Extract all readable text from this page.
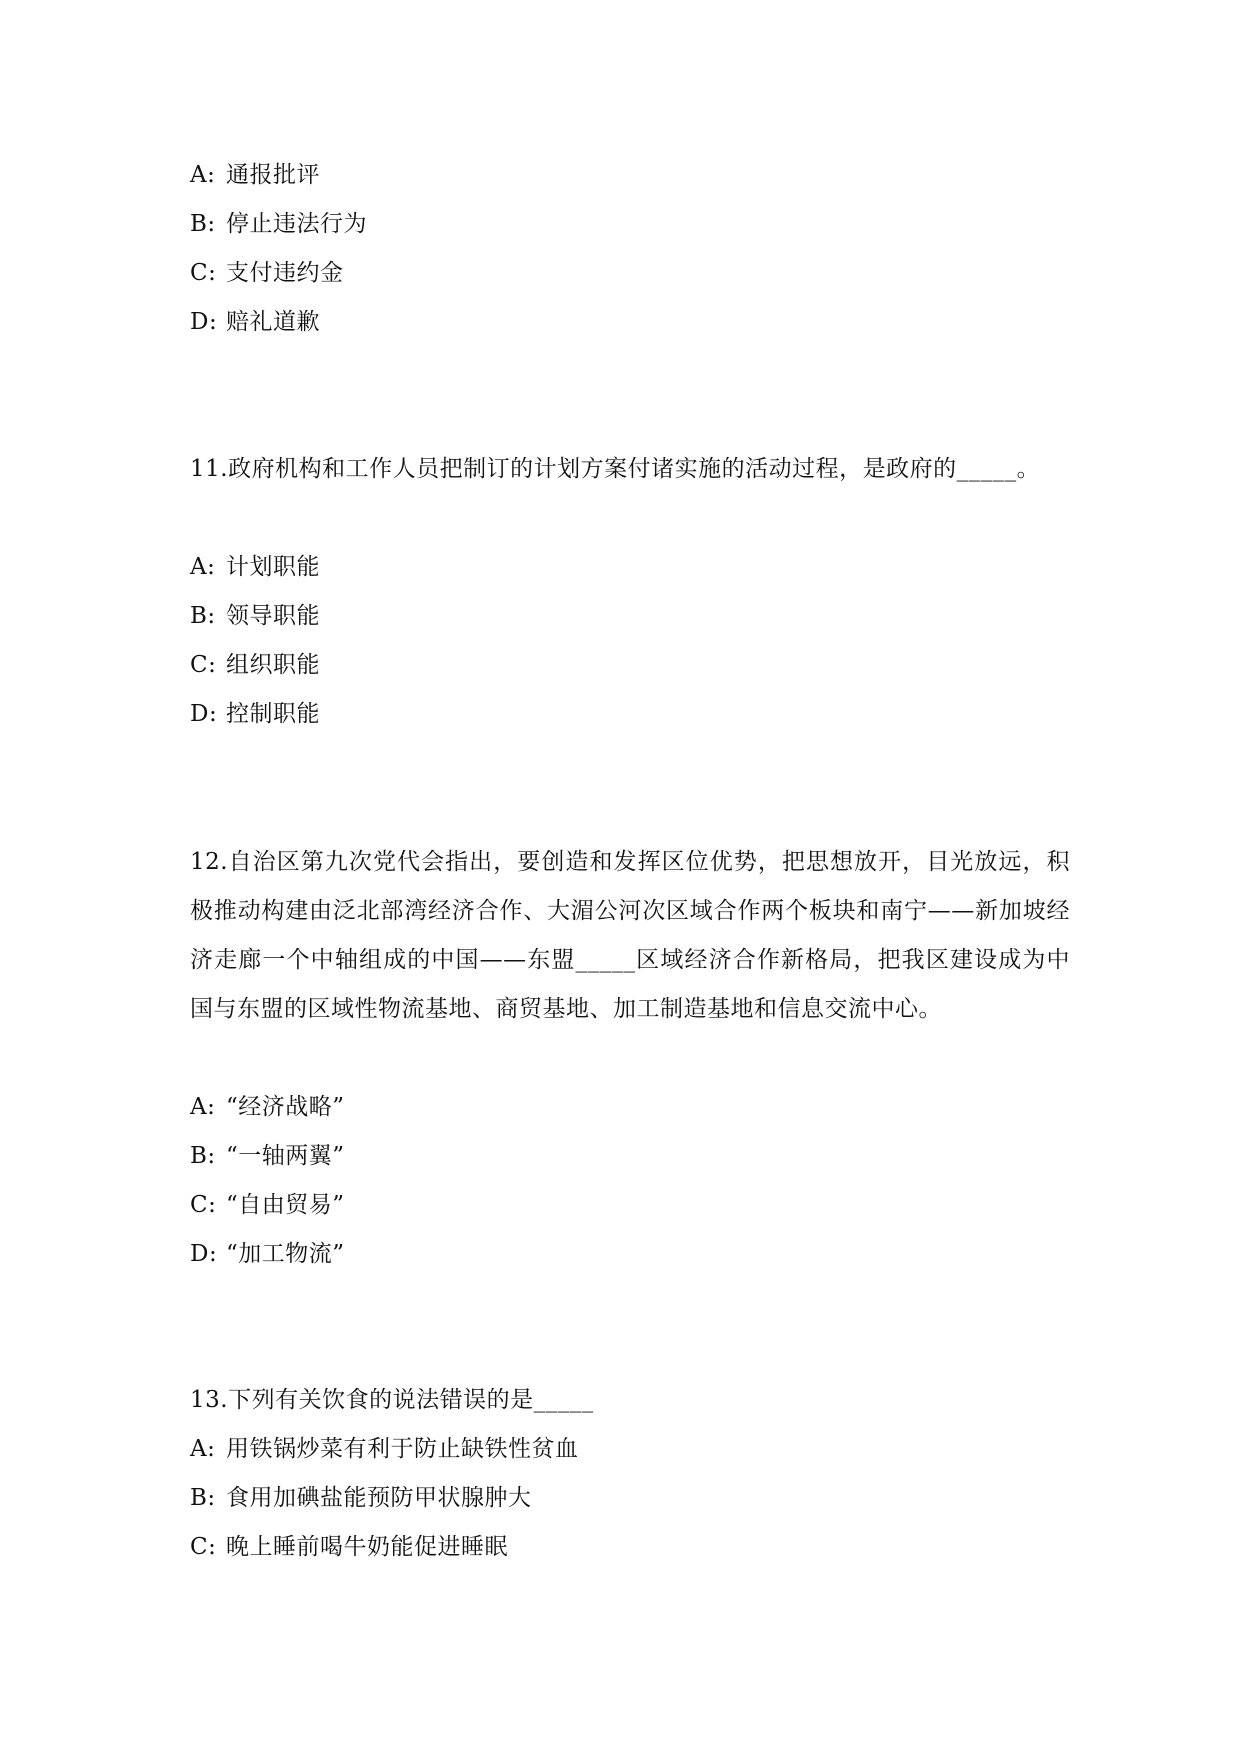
A: 通报批评
B: 停止违法行为
C: 支付违约金
D: 赔礼道歉
11.政府机构和工作人员把制订的计划方案付诸实施的活动过程，是政府的_____。
A: 计划职能
B: 领导职能
C: 组织职能
D: 控制职能
12.自治区第九次党代会指出，要创造和发挥区位优势，把思想放开，目光放远，积极推动构建由泛北部湾经济合作、大湄公河次区域合作两个板块和南宁——新加坡经济走廊一个中轴组成的中国——东盟_____区域经济合作新格局，把我区建设成为中国与东盟的区域性物流基地、商贸基地、加工制造基地和信息交流中心。
A: “经济战略”
B: “一轴两翼”
C: “自由贸易”
D: “加工物流”
13.下列有关饮食的说法错误的是_____
A: 用铁锅炒菜有利于防止缺铁性贫血
B: 食用加碘盐能预防甲状腺肿大
C: 晚上睡前喝牛奶能促进睡眠
